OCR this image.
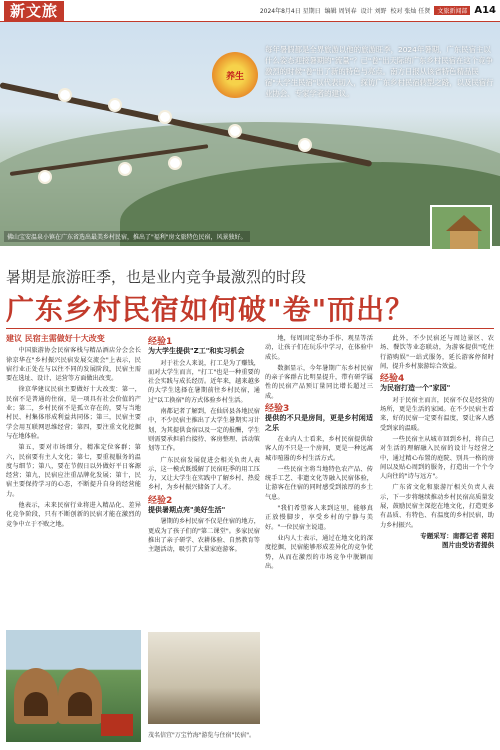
新文旅	2024年8月4日 星期日 编辑 周钊春 设计 刘野 校对 张灿 任贤	文旅新闻部 A14
佛山宝安温泉小镇在广东省选出最美乡村民宿，推出了"福利"房文旅特色民宿，风景独好。
养生
每年暑假都是全界旅游以他的旅游旺季，2024年暑期，广东民宿主以什么姿态迎接暑期的"流量"？已"卷"出天际的广东乡村民宿在这个竞争激烈的时候"卷"出了新的特色与亮点。南方日报从该省特色精品民宿"大学生民宿"以代表切入，探访广东乡村民宿转型之路，以及民宿行业协会、专家学者的建议。
暑期是旅游旺季，也是业内竞争最激烈的时段
广东乡村民宿如何破"卷"而出？
建议 民宿主需做好十大改变

中国旅游协会民宿客栈与精品酒店分会会长徐京华在"乡村振兴民宿发展交流会"上表示，民宿行业正处在与以往不同的发展阶段，民宿主需要在选址、设计、运营等方面做出改变。

徐京华建议民宿主要做好十大改变：第一，民宿不是普通的住宿，是一项具有社会价值的产业；第二，乡村民宿不是孤立存在的，要与当地村民、村集体形成利益共同体；第三，民宿主要学会用互联网思维经营；第四，要注重文化挖掘与在地体验。

第五，要对市场细分，精准定位客群；第六，民宿要有主人文化；第七，要重视服务的温度与细节；第八，要在节假日以外做好平日客源经营；第九，民宿应注重品牌化发展；第十，民宿主要保持学习的心态，不断提升自身的经营能力。

他表示，未来民宿行业将进入精品化、差异化竞争阶段，只有不断创新的民宿才能在激烈的竞争中立于不败之地。

经验1
为大学生提供"Z工"和实习机会

对于社会人来说，打工是为了赚钱，而对大学生而言，"打工"也是一种重要的社会实践与成长经历。近年来，越来越多的大学生选择在暑期前往乡村民宿，通过"以工换宿"的方式体验乡村生活。

南都记者了解到，在仙居县各地民宿中，不少民宿主推出了大学生暑期实习计划，为其提供食宿以及一定的报酬，学生则需要承担前台接待、客房整理、活动策划等工作。

广东民宿发展促进会相关负责人表示，这一模式既缓解了民宿旺季的用工压力，又让大学生在实践中了解乡村、热爱乡村，为乡村振兴储备了人才。

经验2
提供暑期点亮"美好生活"

暑期的乡村民宿不仅是住宿的地方，更成为了孩子们的"第二课堂"。多家民宿推出了亲子研学、农耕体验、自然教育等主题活动，吸引了大量家庭游客。

茂名信宜"万宝竹海"游览与住宿"民宿"。

地，每周固定举办手作、观星等活动，让孩子们在玩乐中学习，在体验中成长。

数据显示，今年暑期广东乡村民宿的亲子客群占比明显提升，带有研学属性的民宿产品预订量同比增长超过三成。

经验3
提供的不只是房间，更是乡村闲适之乐

在业内人士看来，乡村民宿提供给客人的不只是一个房间，更是一种远离城市喧嚣的乡村生活方式。

一些民宿主将当地特色农产品、传统手工艺、非遗文化等融入民宿体验，让游客在住宿的同时感受到浓厚的乡土气息。

"我们希望客人来到这里，能够真正放慢脚步，享受乡村的宁静与美好。"一位民宿主说道。

业内人士表示，通过在地文化的深度挖掘，民宿能够形成差异化的竞争优势，从而在激烈的市场竞争中脱颖而出。

此外，不少民宿还与周边景区、农场、餐饮等业态联动，为游客提供"吃住行游购娱"一站式服务，延长游客停留时间，提升乡村旅游综合效益。

经验4
为民宿打造一个"家园"

对于民宿主而言，民宿不仅是经营的场所，更是生活的家园。在不少民宿主看来，好的民宿一定要有温度，要让客人感受到家的温暖。

一些民宿主从城市回到乡村，将自己对生活的理解融入民宿的设计与经营之中，通过精心布置的庭院、别具一格的房间以及贴心周到的服务，打造出一个个令人向往的"诗与远方"。

广东省文化和旅游厅相关负责人表示，下一步将继续推动乡村民宿高质量发展，鼓励民宿主深挖在地文化，打造更多有品质、有特色、有温度的乡村民宿，助力乡村振兴。

专题采写：南都记者 蒋阳
图片由受访者提供
